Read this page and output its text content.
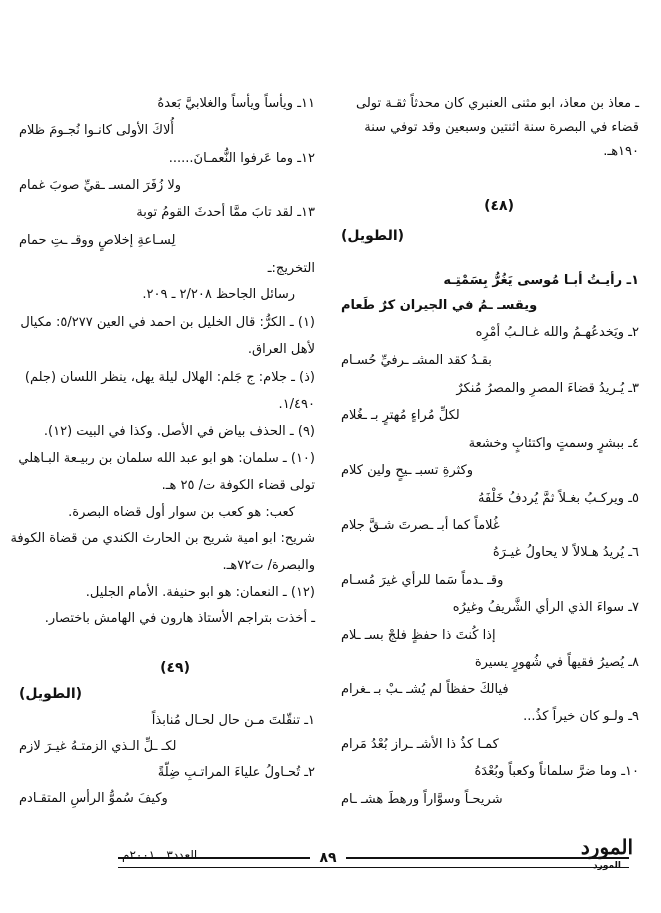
ـ معاذ بن معاذ، ابو مثنى العنبري كان محدثاً ثقـة تولى
قضاء في البصرة سنة اثنتين وسبعين وقد توفي سنة
١٩٠هـ.
(٤٨)
(الطويل)
١ـ رأيـتُ أبـا مُوسى يَغُرُّ بِسَمْتِـه
ويقسـ ـمُ في الجيران كرٌ طَعام
٢ـ ويَخدعُهـمُ والله غـالـبُ أمْرِه
بقـدُ كقد المشـ ـرفيِّ حُسـام
٣ـ يُـريدُ قضاءَ المصرِ والمصرُ مُنكرٌ
لكلِّ مُراءٍ مُهترٍ بـ ـغُلام
٤ـ ببشرٍ وسمتٍ واكتئابٍ وخشعة
وكثرةِ تسبـ ـيحٍ ولين كلام
٥ـ ويركـبُ بغـلاً ثمَّ يُردفُ خَلْفَهُ
غُلاماً كما أبـ ـصرتَ شـقَّ جلام
٦ـ يُريدُ هـلالاً لا يحاولُ غيـرَهُ
وقـ ـدماً سَما للرأي غيرَ مُسـام
٧ـ سواءَ الذي الرأي الشَّريفُ وغيرُه
إذا كُنتَ ذا حفظٍ فلجْ بسـ ـلام
٨ـ يُصيرُ فقيهاً في شُهورٍ يسيرة
فيالكَ حفظاً لم يُشـ ـبْ بـ ـغرام
٩ـ ولـو كان خيراً كذُ...
كمـا كذُ ذا الأشـ ـراز بُعْدُ مَرام
١٠ـ وما ضرَّ سلماناً وكعباً وبُعْدَهُ
شريحـاً وسوَّاراً ورهطَ هشـ ـام
١١ـ ويأساً ويأساً والغلابيَّ بَعدهُ
أُلاكَ الأولى كانـوا نُجـومَ ظلام
١٢ـ وما عَرفوا النُّعمـانَ......
ولا زُفَرَ المسـ ـقيِّ صوبَ غمام
١٣ـ لقد تابَ ممَّا أحدثَ القومُ توبة
لِسـاعةِ إخلاصٍ ووقـ ـتِ حمام
التخريج:ـ
رسائل الجاحظ ٢/٢٠٨ ـ ٢٠٩.
(١) ـ الكرُّ: قال الخليل بن احمد في العين ٥/٢٧٧: مكيال
لأهل العراق.
(ذ) ـ جلام: ج جَلم: الهلال ليلة يهل، ينظر اللسان (جلم)
١/٤٩٠.
(٩) ـ الحذف بياض في الأصل. وكذا في البيت (١٢).
(١٠) ـ سلمان: هو ابو عبد الله سلمان بن ربيـعة البـاهلي
تولى قضاء الكوفة ت/ ٢٥ هـ.
كعب: هو كعب بن سوار أول قضاه البصرة.
شريح: ابو امية شريح بن الحارث الكندي من قضاة الكوفة
والبصرة/ ت٧٢هـ.
(١٢) ـ النعمان: هو ابو حنيفة. الأمام الجليل.
ـ أخذت بتراجم الأستاذ هارون في الهامش باختصار.
(٤٩)
(الطويل)
١ـ تنقّلتَ مـن حال لحـال مُنابذاً
لكـ ـلِّ الـذي الزمتـهُ غيـرَ لازم
٢ـ تُحـاولُ علياءَ المراتـبِ ضِلّةً
وكيفَ سُموُّ الرأسِ المتقـادم
المورد
المورد
٨٩
العدد٣ ـ ٢٠٠١م
